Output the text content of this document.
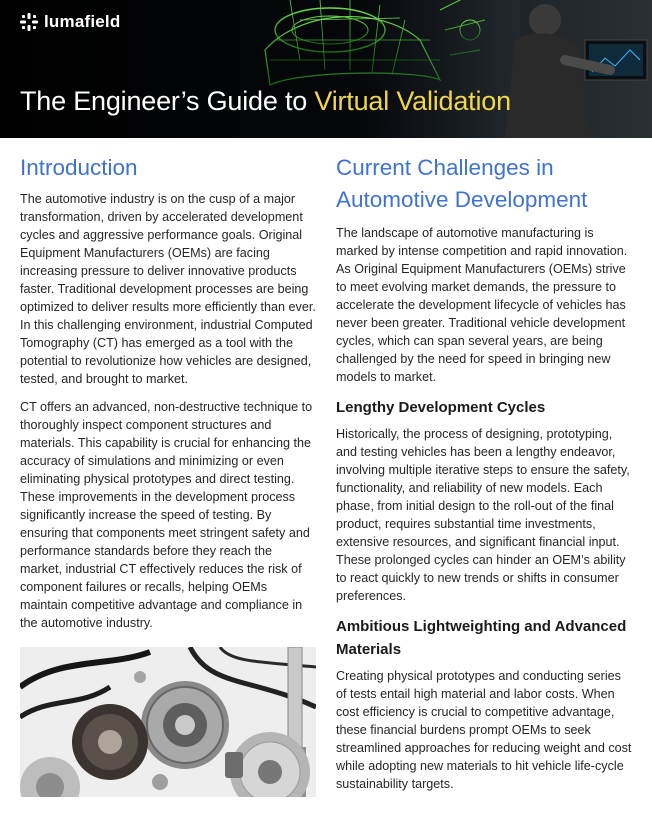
lumafield
The Engineer’s Guide to Virtual Validation
Introduction

The automotive industry is on the cusp of a major transformation, driven by accelerated development cycles and aggressive performance goals. Original Equipment Manufacturers (OEMs) are facing increasing pressure to deliver innovative products faster. Traditional development processes are being optimized to deliver results more efficiently than ever. In this challenging environment, industrial Computed Tomography (CT) has emerged as a tool with the potential to revolutionize how vehicles are designed, tested, and brought to market.

CT offers an advanced, non-destructive technique to thoroughly inspect component structures and materials. This capability is crucial for enhancing the accuracy of simulations and minimizing or even eliminating physical prototypes and direct testing. These improvements in the development process significantly increase the speed of testing. By ensuring that components meet stringent safety and performance standards before they reach the market, industrial CT effectively reduces the risk of component failures or recalls, helping OEMs maintain competitive advantage and compliance in the automotive industry.

Current Challenges in Automotive Development

The landscape of automotive manufacturing is marked by intense competition and rapid innovation. As Original Equipment Manufacturers (OEMs) strive to meet evolving market demands, the pressure to accelerate the development lifecycle of vehicles has never been greater. Traditional vehicle development cycles, which can span several years, are being challenged by the need for speed in bringing new models to market.

Lengthy Development Cycles

Historically, the process of designing, prototyping, and testing vehicles has been a lengthy endeavor, involving multiple iterative steps to ensure the safety, functionality, and reliability of new models. Each phase, from initial design to the roll-out of the final product, requires substantial time investments, extensive resources, and significant financial input. These prolonged cycles can hinder an OEM’s ability to react quickly to new trends or shifts in consumer preferences.

Ambitious Lightweighting and Advanced Materials

Creating physical prototypes and conducting series of tests entail high material and labor costs. When cost efficiency is crucial to competitive advantage, these financial burdens prompt OEMs to seek streamlined approaches for reducing weight and cost while adopting new materials to hit vehicle life-cycle sustainability targets.
